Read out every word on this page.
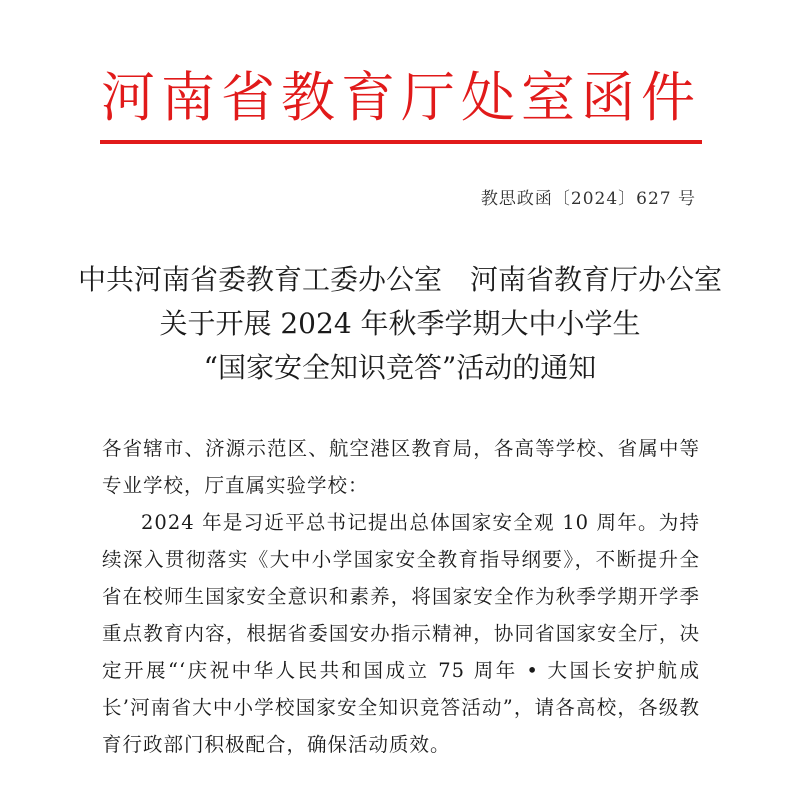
河南省教育厅处室函件
教思政函〔2024〕627 号
中共河南省委教育工委办公室　河南省教育厅办公室
关于开展 2024 年秋季学期大中小学生
“国家安全知识竞答”活动的通知

各省辖市、济源示范区、航空港区教育局，各高等学校、省属中等专业学校，厅直属实验学校：

2024 年是习近平总书记提出总体国家安全观 10 周年。为持续深入贯彻落实《大中小学国家安全教育指导纲要》，不断提升全省在校师生国家安全意识和素养，将国家安全作为秋季学期开学季重点教育内容，根据省委国安办指示精神，协同省国家安全厅，决定开展“‘庆祝中华人民共和国成立 75 周年 • 大国长安护航成长’河南省大中小学校国家安全知识竞答活动”，请各高校，各级教育行政部门积极配合，确保活动质效。
